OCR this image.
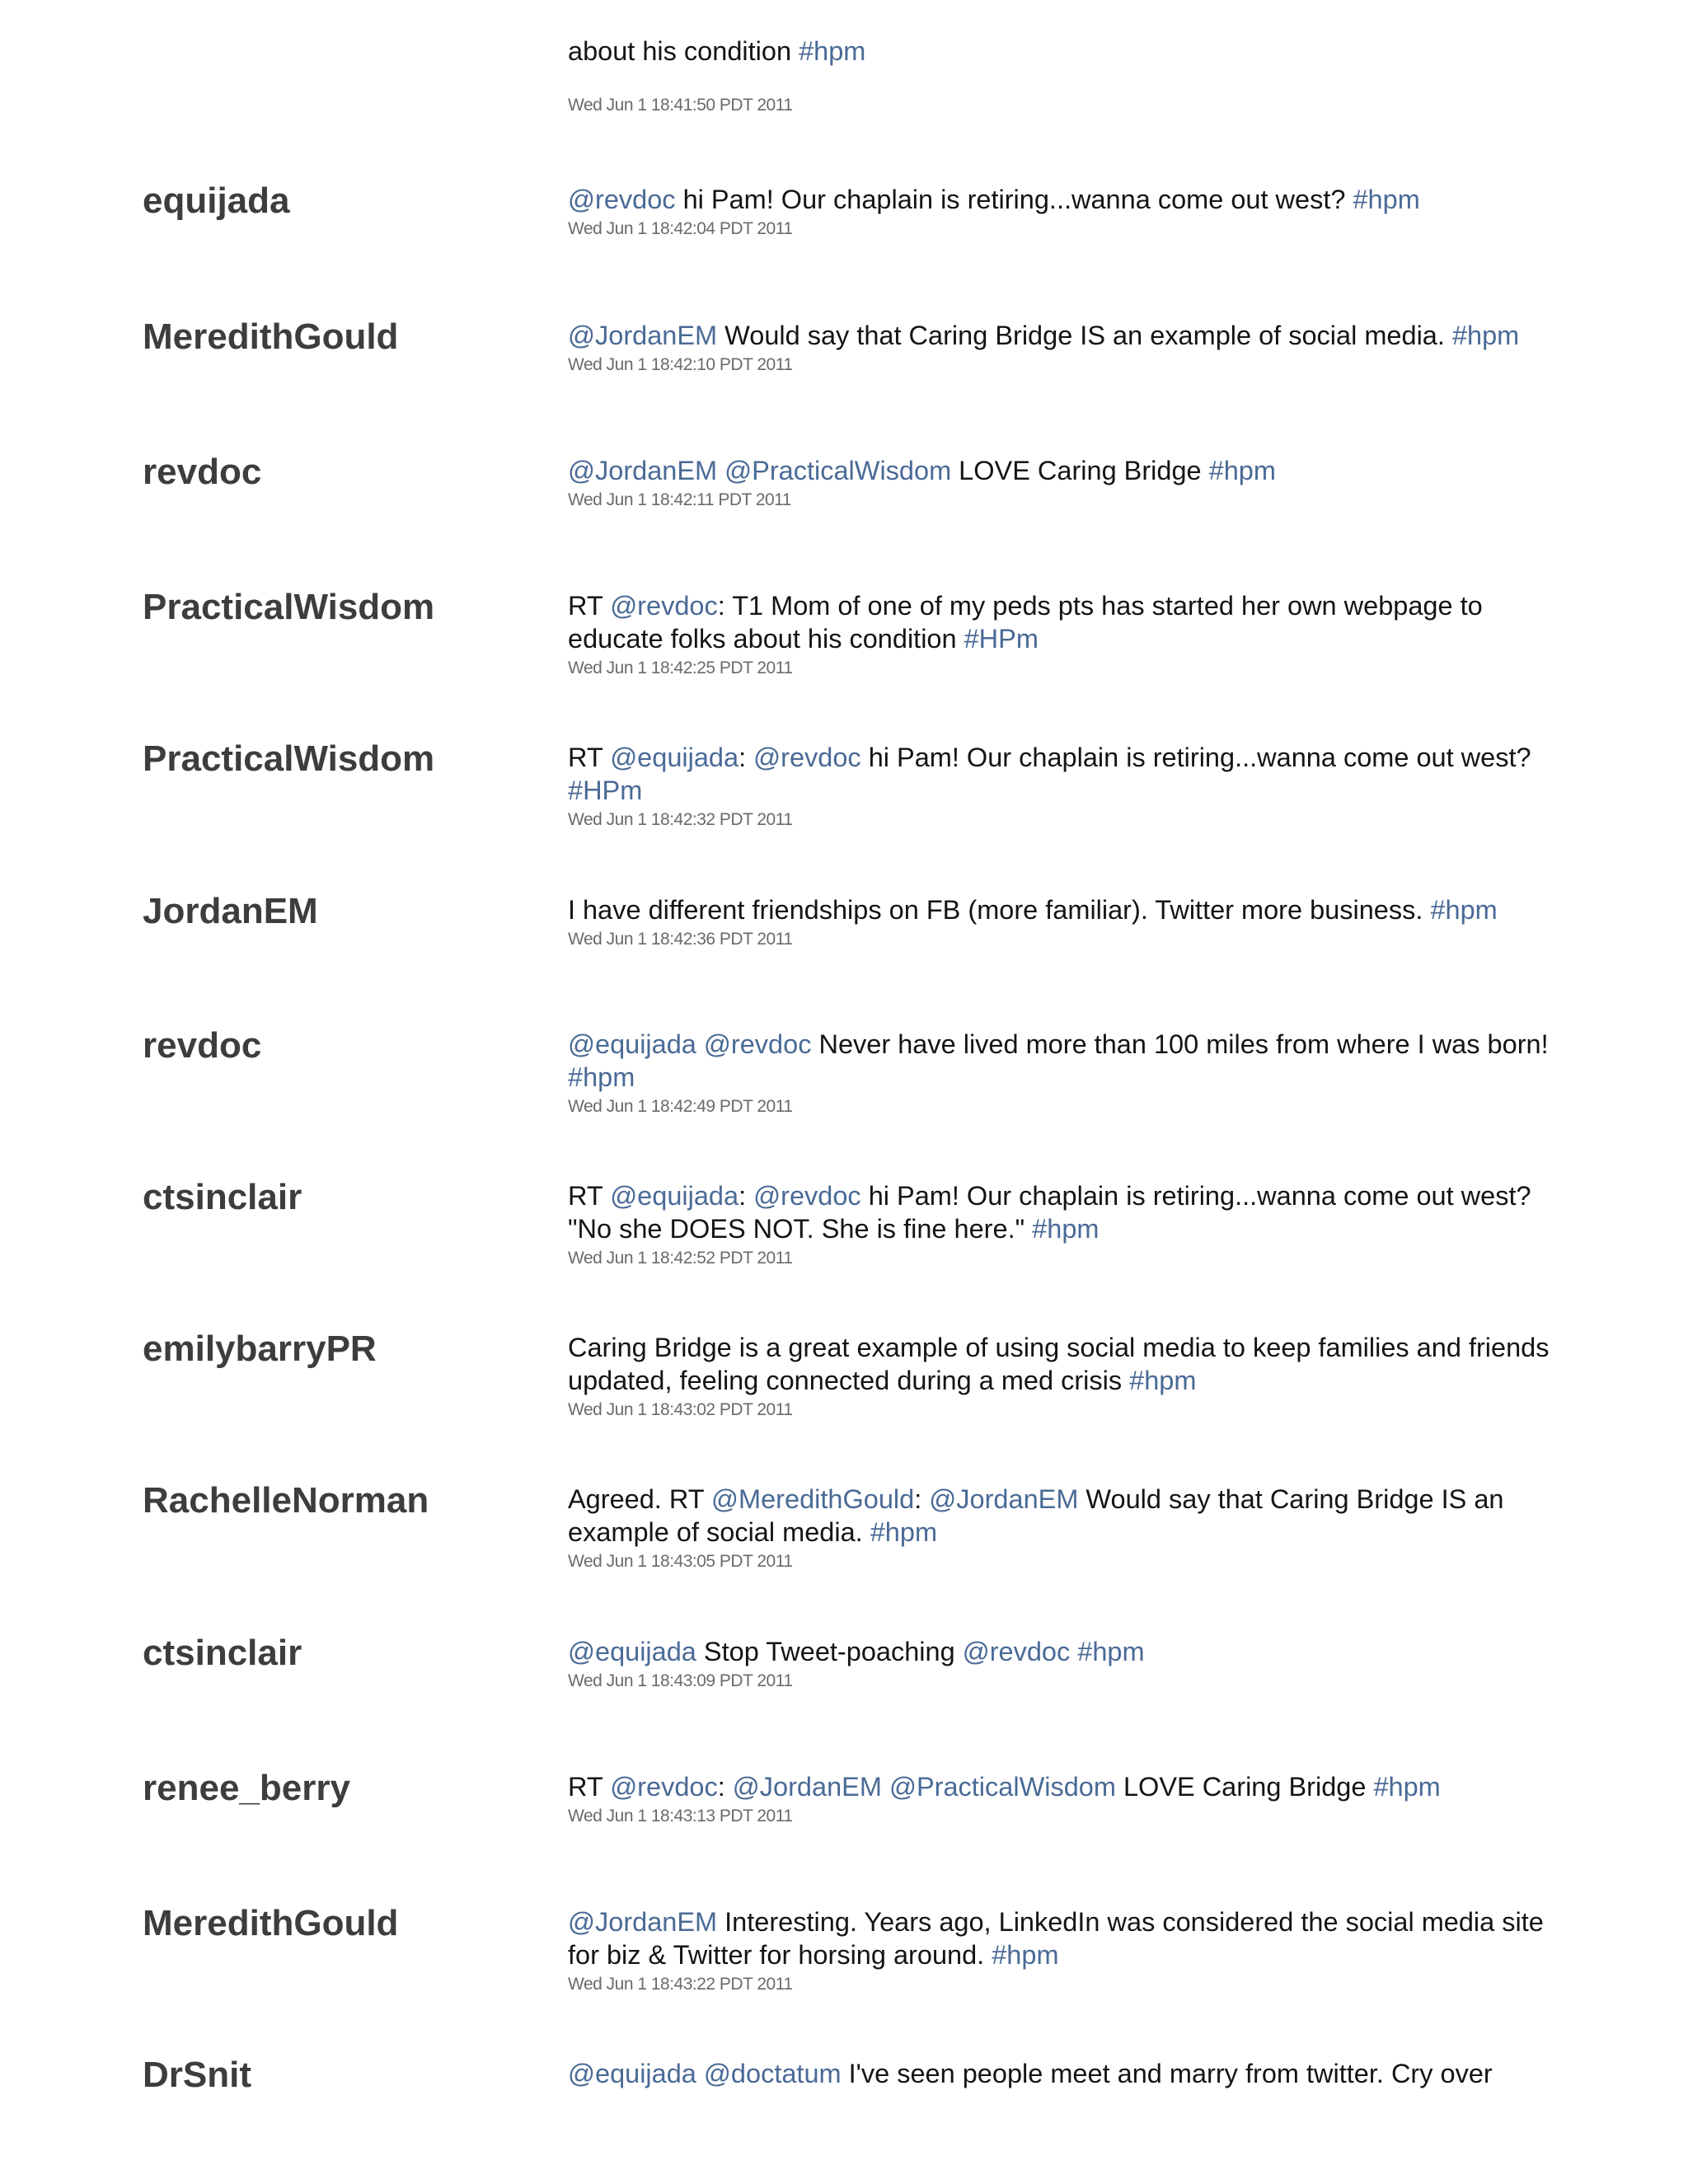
about his condition #hpm

Wed Jun 1 18:41:50 PDT 2011
equijada	@revdoc hi Pam! Our chaplain is retiring...wanna come out west? #hpm

Wed Jun 1 18:42:04 PDT 2011
MeredithGould	@JordanEM Would say that Caring Bridge IS an example of social media. #hpm

Wed Jun 1 18:42:10 PDT 2011
revdoc	@JordanEM @PracticalWisdom LOVE Caring Bridge #hpm

Wed Jun 1 18:42:11 PDT 2011
PracticalWisdom	RT @revdoc: T1 Mom of one of my peds pts has started her own webpage to educate folks about his condition #HPm

Wed Jun 1 18:42:25 PDT 2011
PracticalWisdom	RT @equijada: @revdoc hi Pam! Our chaplain is retiring...wanna come out west? #HPm

Wed Jun 1 18:42:32 PDT 2011
JordanEM	I have different friendships on FB (more familiar). Twitter more business. #hpm

Wed Jun 1 18:42:36 PDT 2011
revdoc	@equijada @revdoc Never have lived more than 100 miles from where I was born! #hpm

Wed Jun 1 18:42:49 PDT 2011
ctsinclair	RT @equijada: @revdoc hi Pam! Our chaplain is retiring...wanna come out west? "No she DOES NOT. She is fine here." #hpm

Wed Jun 1 18:42:52 PDT 2011
emilybarryPR	Caring Bridge is a great example of using social media to keep families and friends updated, feeling connected during a med crisis #hpm

Wed Jun 1 18:43:02 PDT 2011
RachelleNorman	Agreed. RT @MeredithGould: @JordanEM Would say that Caring Bridge IS an example of social media. #hpm

Wed Jun 1 18:43:05 PDT 2011
ctsinclair	@equijada Stop Tweet-poaching @revdoc #hpm

Wed Jun 1 18:43:09 PDT 2011
renee_berry	RT @revdoc: @JordanEM @PracticalWisdom LOVE Caring Bridge #hpm

Wed Jun 1 18:43:13 PDT 2011
MeredithGould	@JordanEM Interesting. Years ago, LinkedIn was considered the social media site for biz & Twitter for horsing around. #hpm

Wed Jun 1 18:43:22 PDT 2011
DrSnit	@equijada @doctatum I've seen people meet and marry from twitter. Cry over
